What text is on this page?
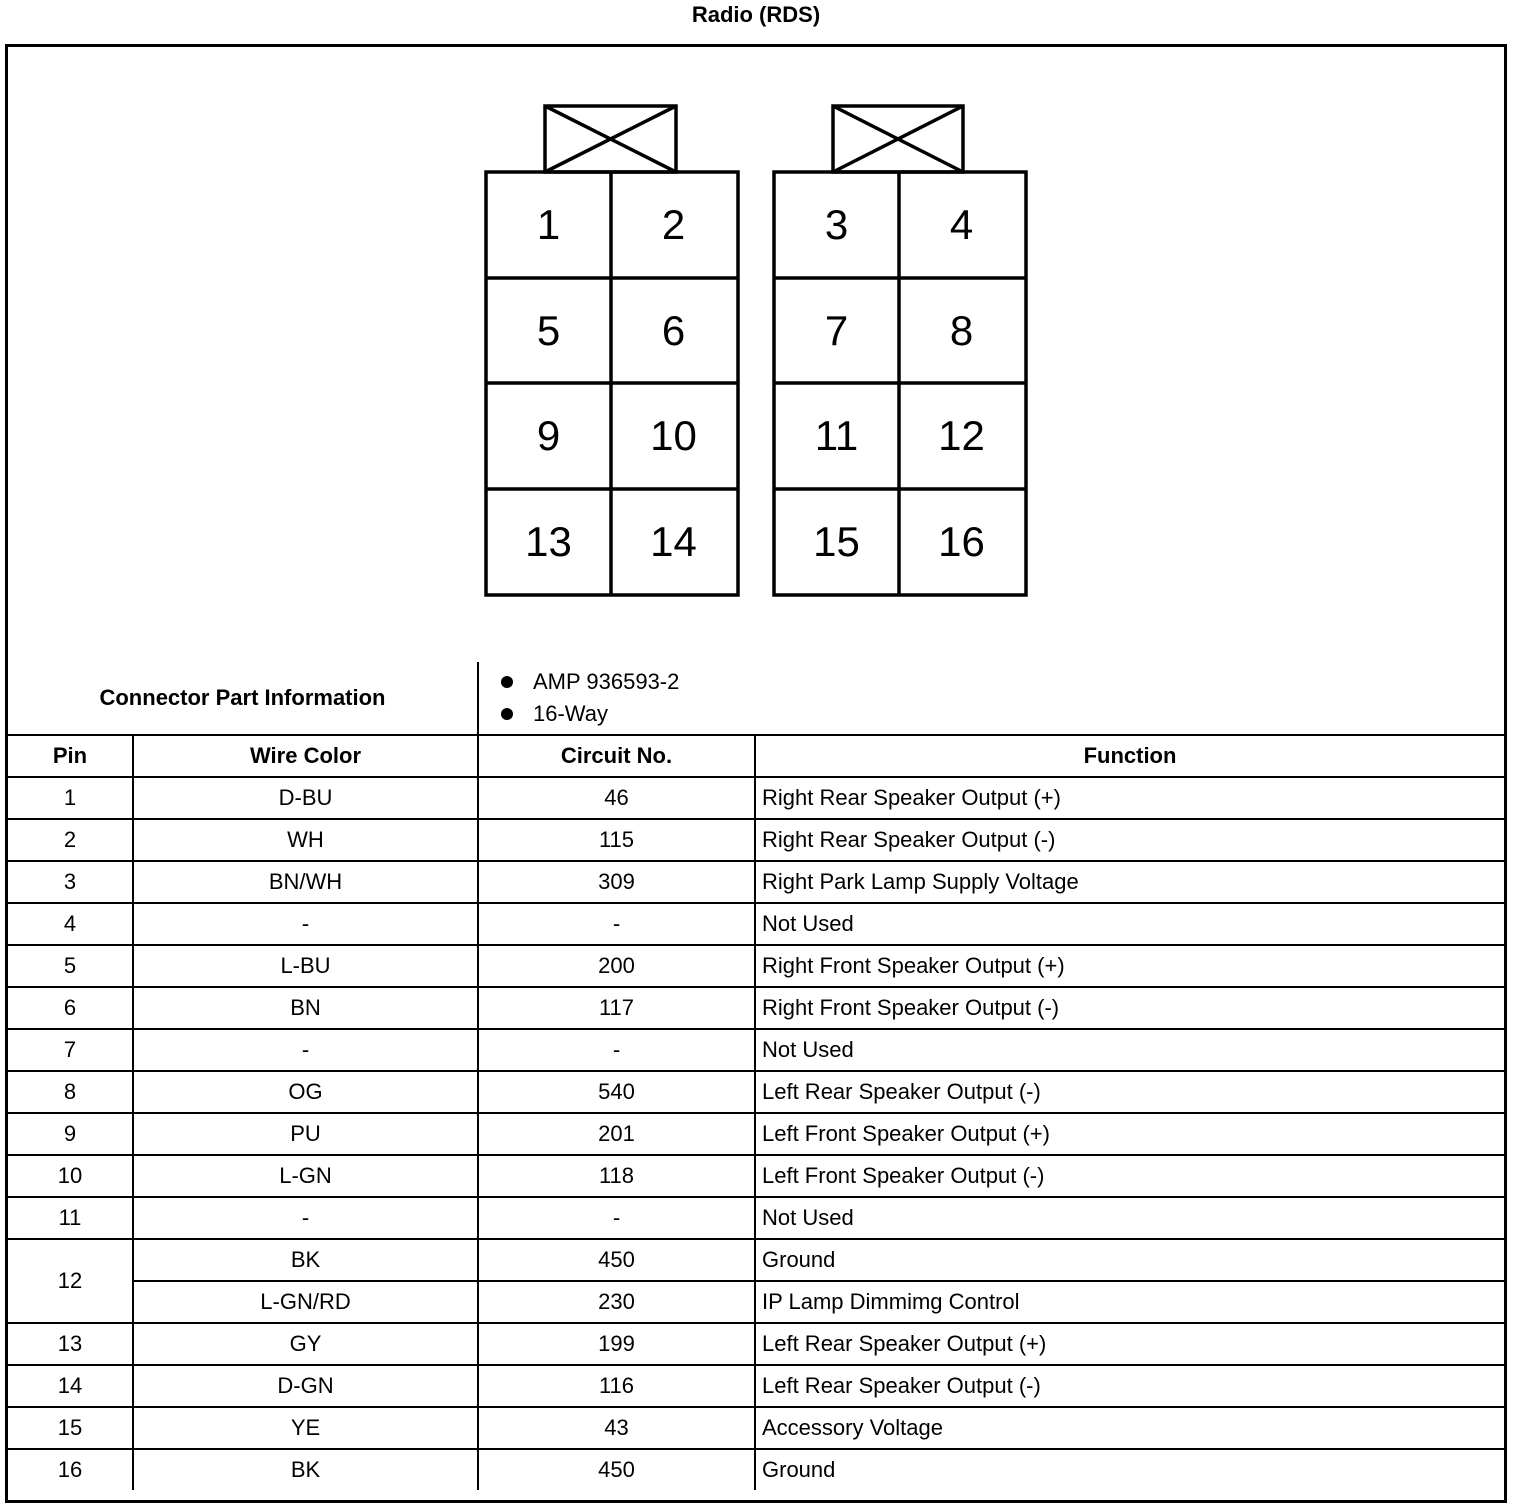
Radio (RDS)
1	2
5	6
9	10
13	14
3	4
7	8
11	12
15	16
Connector Part Information		AMP 936593-2
16-Way	

Pin	Wire Color	Circuit No.	Function
1	D-BU	46	Right Rear Speaker Output (+)
2	WH	115	Right Rear Speaker Output (-)
3	BN/WH	309	Right Park Lamp Supply Voltage
4	-	-	Not Used
5	L-BU	200	Right Front Speaker Output (+)
6	BN	117	Right Front Speaker Output (-)
7	-	-	Not Used
8	OG	540	Left Rear Speaker Output (-)
9	PU	201	Left Front Speaker Output (+)
10	L-GN	118	Left Front Speaker Output (-)
11	-	-	Not Used
12	BK	450	Ground
	L-GN/RD	230	IP Lamp Dimmimg Control
13	GY	199	Left Rear Speaker Output (+)
14	D-GN	116	Left Rear Speaker Output (-)
15	YE	43	Accessory Voltage
16	BK	450	Ground
